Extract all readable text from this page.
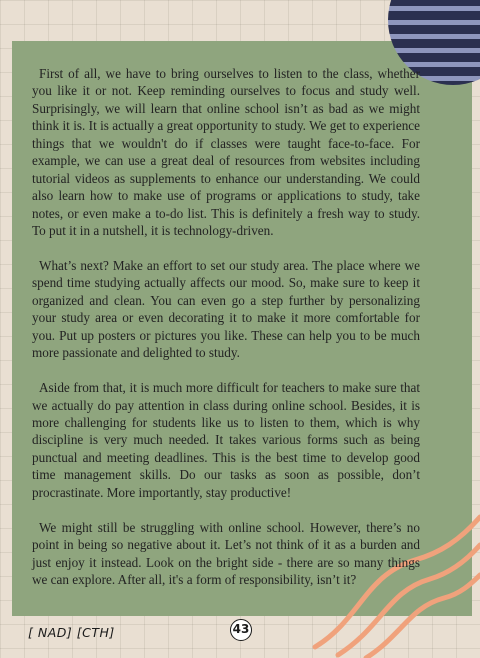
First of all, we have to bring ourselves to listen to the class, whether you like it or not. Keep reminding ourselves to focus and study well. Surprisingly, we will learn that online school isn’t as bad as we might think it is. It is actually a great opportunity to study. We get to experience things that we wouldn't do if classes were taught face-to-face. For example, we can use a great deal of resources from websites including tutorial videos as supplements to enhance our understanding. We could also learn how to make use of programs or applications to study, take notes, or even make a to-do list. This is definitely a fresh way to study. To put it in a nutshell, it is technology-driven.

What’s next? Make an effort to set our study area. The place where we spend time studying actually affects our mood. So, make sure to keep it organized and clean. You can even go a step further by personalizing your study area or even decorating it to make it more comfortable for you. Put up posters or pictures you like. These can help you to be much more passionate and delighted to study.

Aside from that, it is much more difficult for teachers to make sure that we actually do pay attention in class during online school. Besides, it is more challenging for students like us to listen to them, which is why discipline is very much needed. It takes various forms such as being punctual and meeting deadlines. This is the best time to develop good time management skills. Do our tasks as soon as possible, don’t procrastinate. More importantly, stay productive!

We might still be struggling with online school. However, there’s no point in being so negative about it. Let’s not think of it as a burden and just enjoy it instead. Look on the bright side - there are so many things we can explore. After all, it's a form of responsibility, isn’t it?

[ NAD] [CTH]	43
